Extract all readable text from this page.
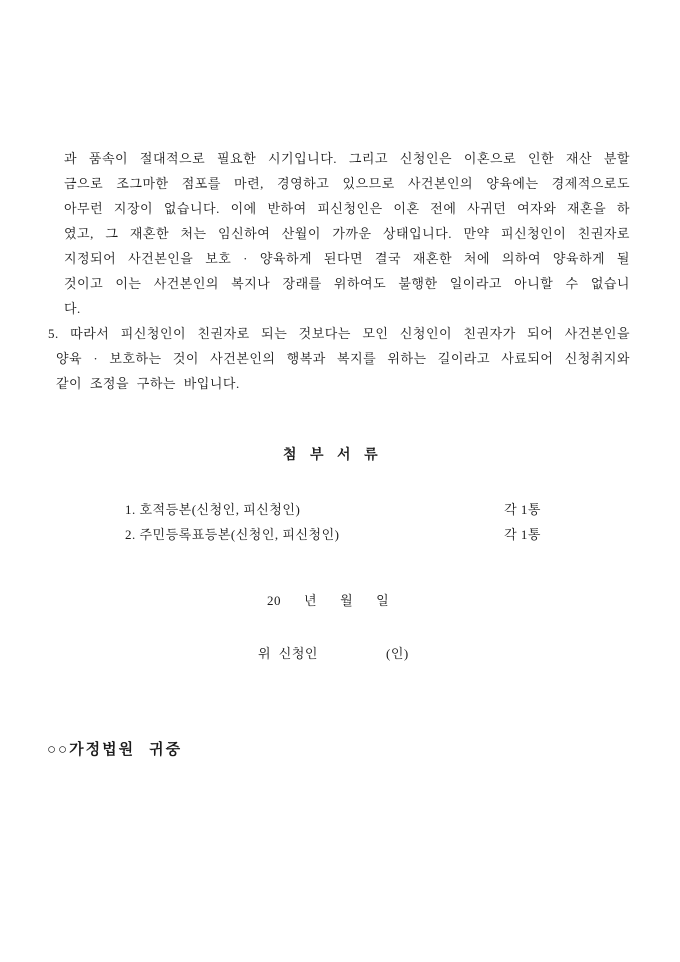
과 품속이 절대적으로 필요한 시기입니다. 그리고 신청인은 이혼으로 인한 재산 분할
금으로 조그마한 점포를 마련, 경영하고 있으므로 사건본인의 양육에는 경제적으로도
아무런 지장이 없습니다. 이에 반하여 피신청인은 이혼 전에 사귀던 여자와 재혼을 하
였고, 그 재혼한 처는 임신하여 산월이 가까운 상태입니다. 만약 피신청인이 친권자로
지정되어 사건본인을 보호 · 양육하게 된다면 결국 재혼한 처에 의하여 양육하게 될
것이고 이는 사건본인의 복지나 장래를 위하여도 불행한 일이라고 아니할 수 없습니
다.
5. 따라서 피신청인이 친권자로 되는 것보다는 모인 신청인이 친권자가 되어 사건본인을
양육 · 보호하는 것이 사건본인의 행복과 복지를 위하는 길이라고 사료되어 신청취지와
같이 조정을 구하는 바입니다.
첨 부 서 류
1. 호적등본(신청인, 피신청인)	각 1통
2. 주민등록표등본(신청인, 피신청인)	각 1통
20 년 월 일
위 신청인	(인)
○○가정법원 귀중
